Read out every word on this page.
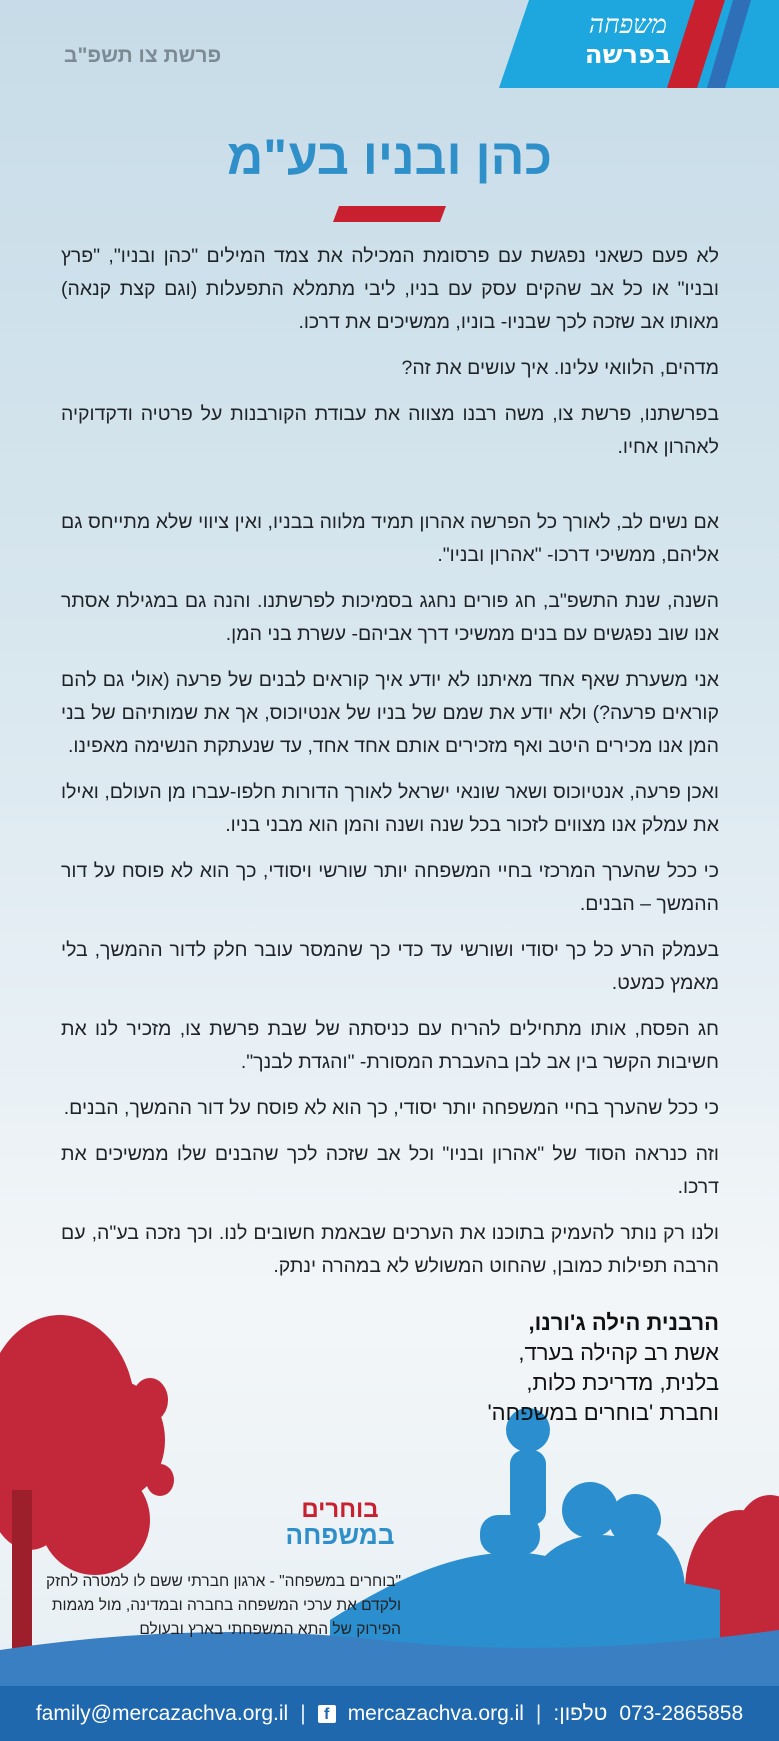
משפחה
בפרשה
פרשת צו תשפ"ב
כהן ובניו בע"מ

לא פעם כשאני נפגשת עם פרסומת המכילה את צמד המילים "כהן ובניו", "פרץ ובניו" או כל אב שהקים עסק עם בניו, ליבי מתמלא התפעלות (וגם קצת קנאה) מאותו אב שזכה לכך שבניו- בוניו, ממשיכים את דרכו.

מדהים, הלוואי עלינו. איך עושים את זה?

בפרשתנו, פרשת צו, משה רבנו מצווה את עבודת הקורבנות על פרטיה ודקדוקיה לאהרון אחיו.

אם נשים לב, לאורך כל הפרשה אהרון תמיד מלווה בבניו, ואין ציווי שלא מתייחס גם אליהם, ממשיכי דרכו- "אהרון ובניו".

השנה, שנת התשפ"ב, חג פורים נחגג בסמיכות לפרשתנו. והנה גם במגילת אסתר אנו שוב נפגשים עם בנים ממשיכי דרך אביהם- עשרת בני המן.

אני משערת שאף אחד מאיתנו לא יודע איך קוראים לבנים של פרעה (אולי גם להם קוראים פרעה?) ולא יודע את שמם של בניו של אנטיוכוס, אך את שמותיהם של בני המן אנו מכירים היטב ואף מזכירים אותם אחד אחד, עד שנעתקת הנשימה מאפינו.

ואכן פרעה, אנטיוכוס ושאר שונאי ישראל לאורך הדורות חלפו-עברו מן העולם, ואילו את עמלק אנו מצווים לזכור בכל שנה ושנה והמן הוא מבני בניו.

כי ככל שהערך המרכזי בחיי המשפחה יותר שורשי ויסודי, כך הוא לא פוסח על דור ההמשך – הבנים.

בעמלק הרע כל כך יסודי ושורשי עד כדי כך שהמסר עובר חלק לדור ההמשך, בלי מאמץ כמעט.

חג הפסח, אותו מתחילים להריח עם כניסתה של שבת פרשת צו, מזכיר לנו את חשיבות הקשר בין אב לבן בהעברת המסורת- "והגדת לבנך".

כי ככל שהערך בחיי המשפחה יותר יסודי, כך הוא לא פוסח על דור ההמשך, הבנים.

וזה כנראה הסוד של "אהרון ובניו" וכל אב שזכה לכך שהבנים שלו ממשיכים את דרכו.

ולנו רק נותר להעמיק בתוכנו את הערכים שבאמת חשובים לנו. וכך נזכה בע"ה, עם הרבה תפילות כמובן, שהחוט המשולש לא במהרה ינתק.

הרבנית הילה ג'ורנו,
אשת רב קהילה בערד,
בלנית, מדריכת כלות,
וחברת 'בוחרים במשפחה'
בוחרים
במשפחה
"בוחרים במשפחה" - ארגון חברתי ששם לו למטרה לחזק ולקדם את ערכי המשפחה בחברה ובמדינה, מול מגמות הפירוק של התא המשפחתי בארץ ובעולם
family@mercazachva.org.il |	f mercazachva.org.il | :טלפון 073-2865858
